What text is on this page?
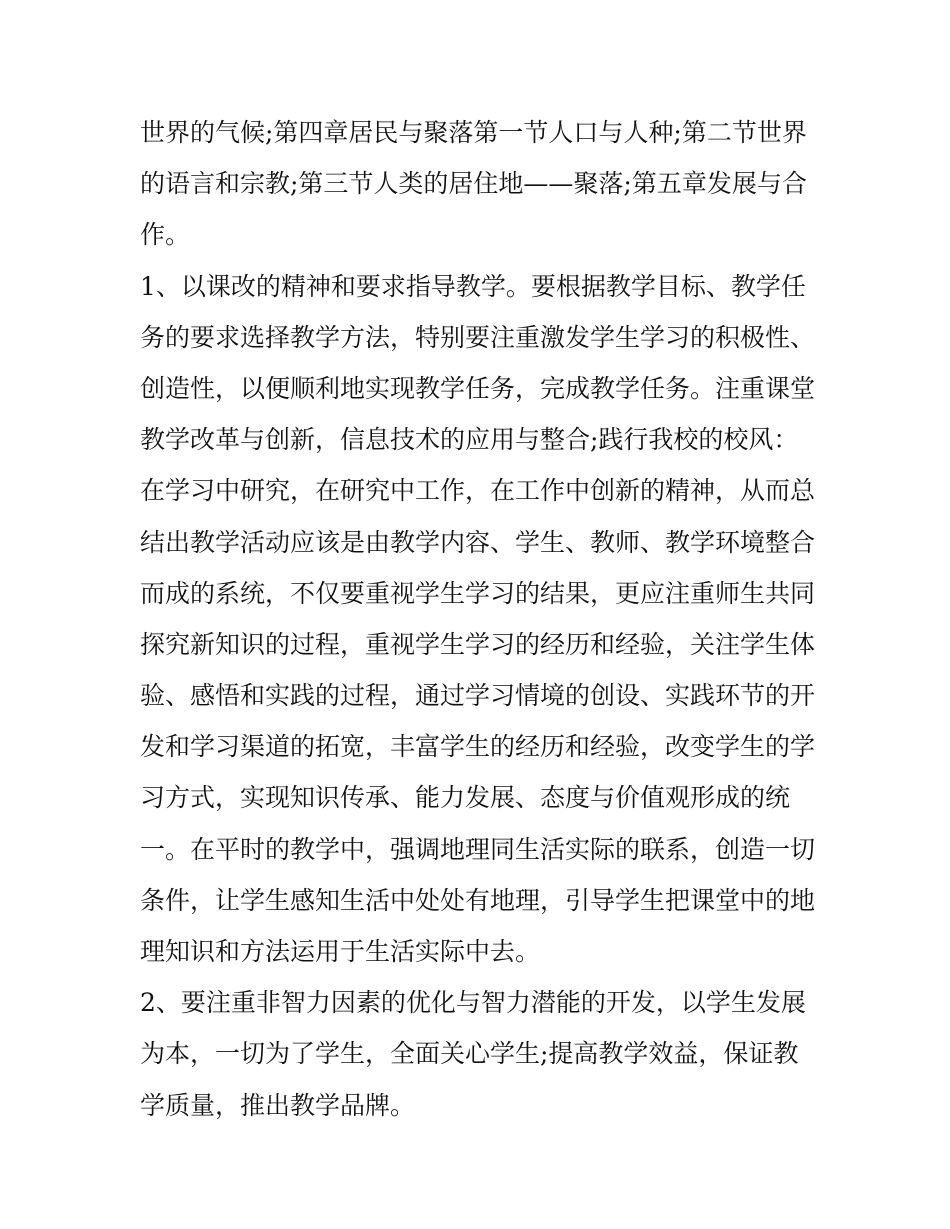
世界的气候;第四章居民与聚落第一节人口与人种;第二节世界
的语言和宗教;第三节人类的居住地——聚落;第五章发展与合
作。
1、以课改的精神和要求指导教学。要根据教学目标、教学任
务的要求选择教学方法，特别要注重激发学生学习的积极性、
创造性，以便顺利地实现教学任务，完成教学任务。注重课堂
教学改革与创新，信息技术的应用与整合;践行我校的校风：
在学习中研究，在研究中工作，在工作中创新的精神，从而总
结出教学活动应该是由教学内容、学生、教师、教学环境整合
而成的系统，不仅要重视学生学习的结果，更应注重师生共同
探究新知识的过程，重视学生学习的经历和经验，关注学生体
验、感悟和实践的过程，通过学习情境的创设、实践环节的开
发和学习渠道的拓宽，丰富学生的经历和经验，改变学生的学
习方式，实现知识传承、能力发展、态度与价值观形成的统
一。在平时的教学中，强调地理同生活实际的联系，创造一切
条件，让学生感知生活中处处有地理，引导学生把课堂中的地
理知识和方法运用于生活实际中去。
2、要注重非智力因素的优化与智力潜能的开发，以学生发展
为本，一切为了学生，全面关心学生;提高教学效益，保证教
学质量，推出教学品牌。
